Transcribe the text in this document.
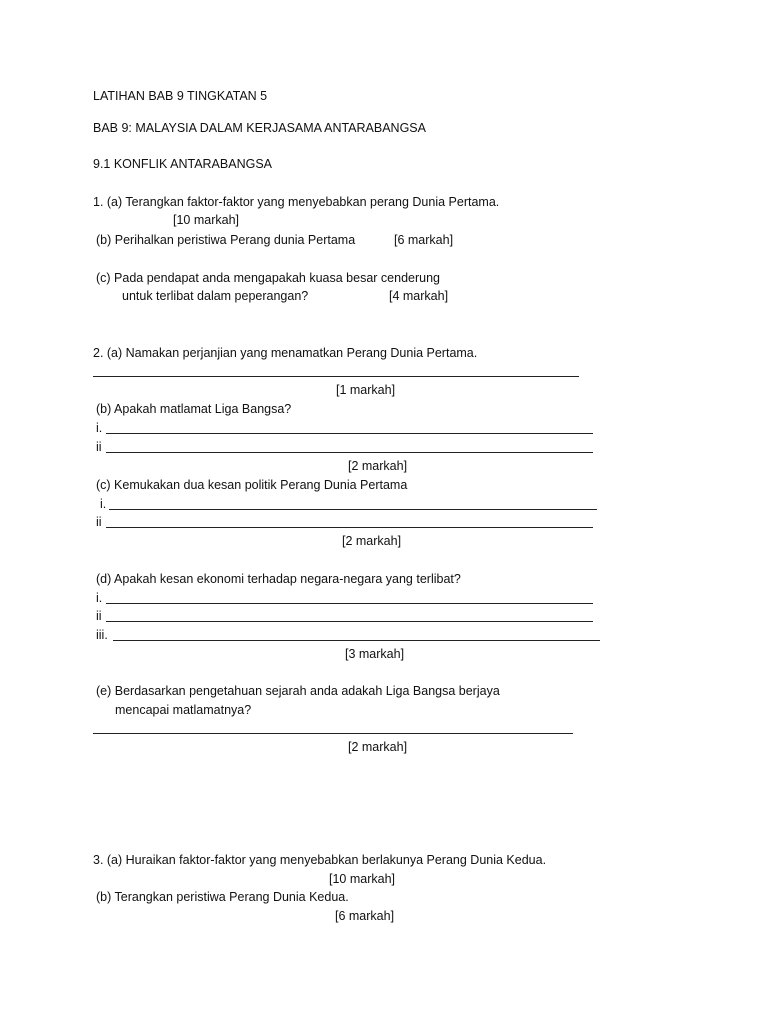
LATIHAN BAB 9 TINGKATAN 5
BAB 9: MALAYSIA DALAM KERJASAMA ANTARABANGSA
9.1 KONFLIK ANTARABANGSA
1. (a) Terangkan faktor-faktor yang menyebabkan perang Dunia Pertama.
[10 markah]
(b) Perihalkan peristiwa Perang dunia Pertama	[6 markah]
(c) Pada pendapat anda mengapakah kuasa besar cenderung
untuk terlibat dalam peperangan?	[4 markah]
2. (a) Namakan perjanjian yang menamatkan Perang Dunia Pertama.
[1 markah]
(b) Apakah matlamat Liga Bangsa?
i.
ii
[2 markah]
(c) Kemukakan dua kesan politik Perang Dunia Pertama
i.
ii
[2 markah]
(d) Apakah kesan ekonomi terhadap negara-negara yang terlibat?
i.
ii
iii.
[3 markah]
(e) Berdasarkan pengetahuan sejarah anda adakah Liga Bangsa berjaya
mencapai matlamatnya?
[2 markah]
3. (a) Huraikan faktor-faktor yang menyebabkan berlakunya Perang Dunia Kedua.
[10 markah]
(b) Terangkan peristiwa Perang Dunia Kedua.
[6 markah]
